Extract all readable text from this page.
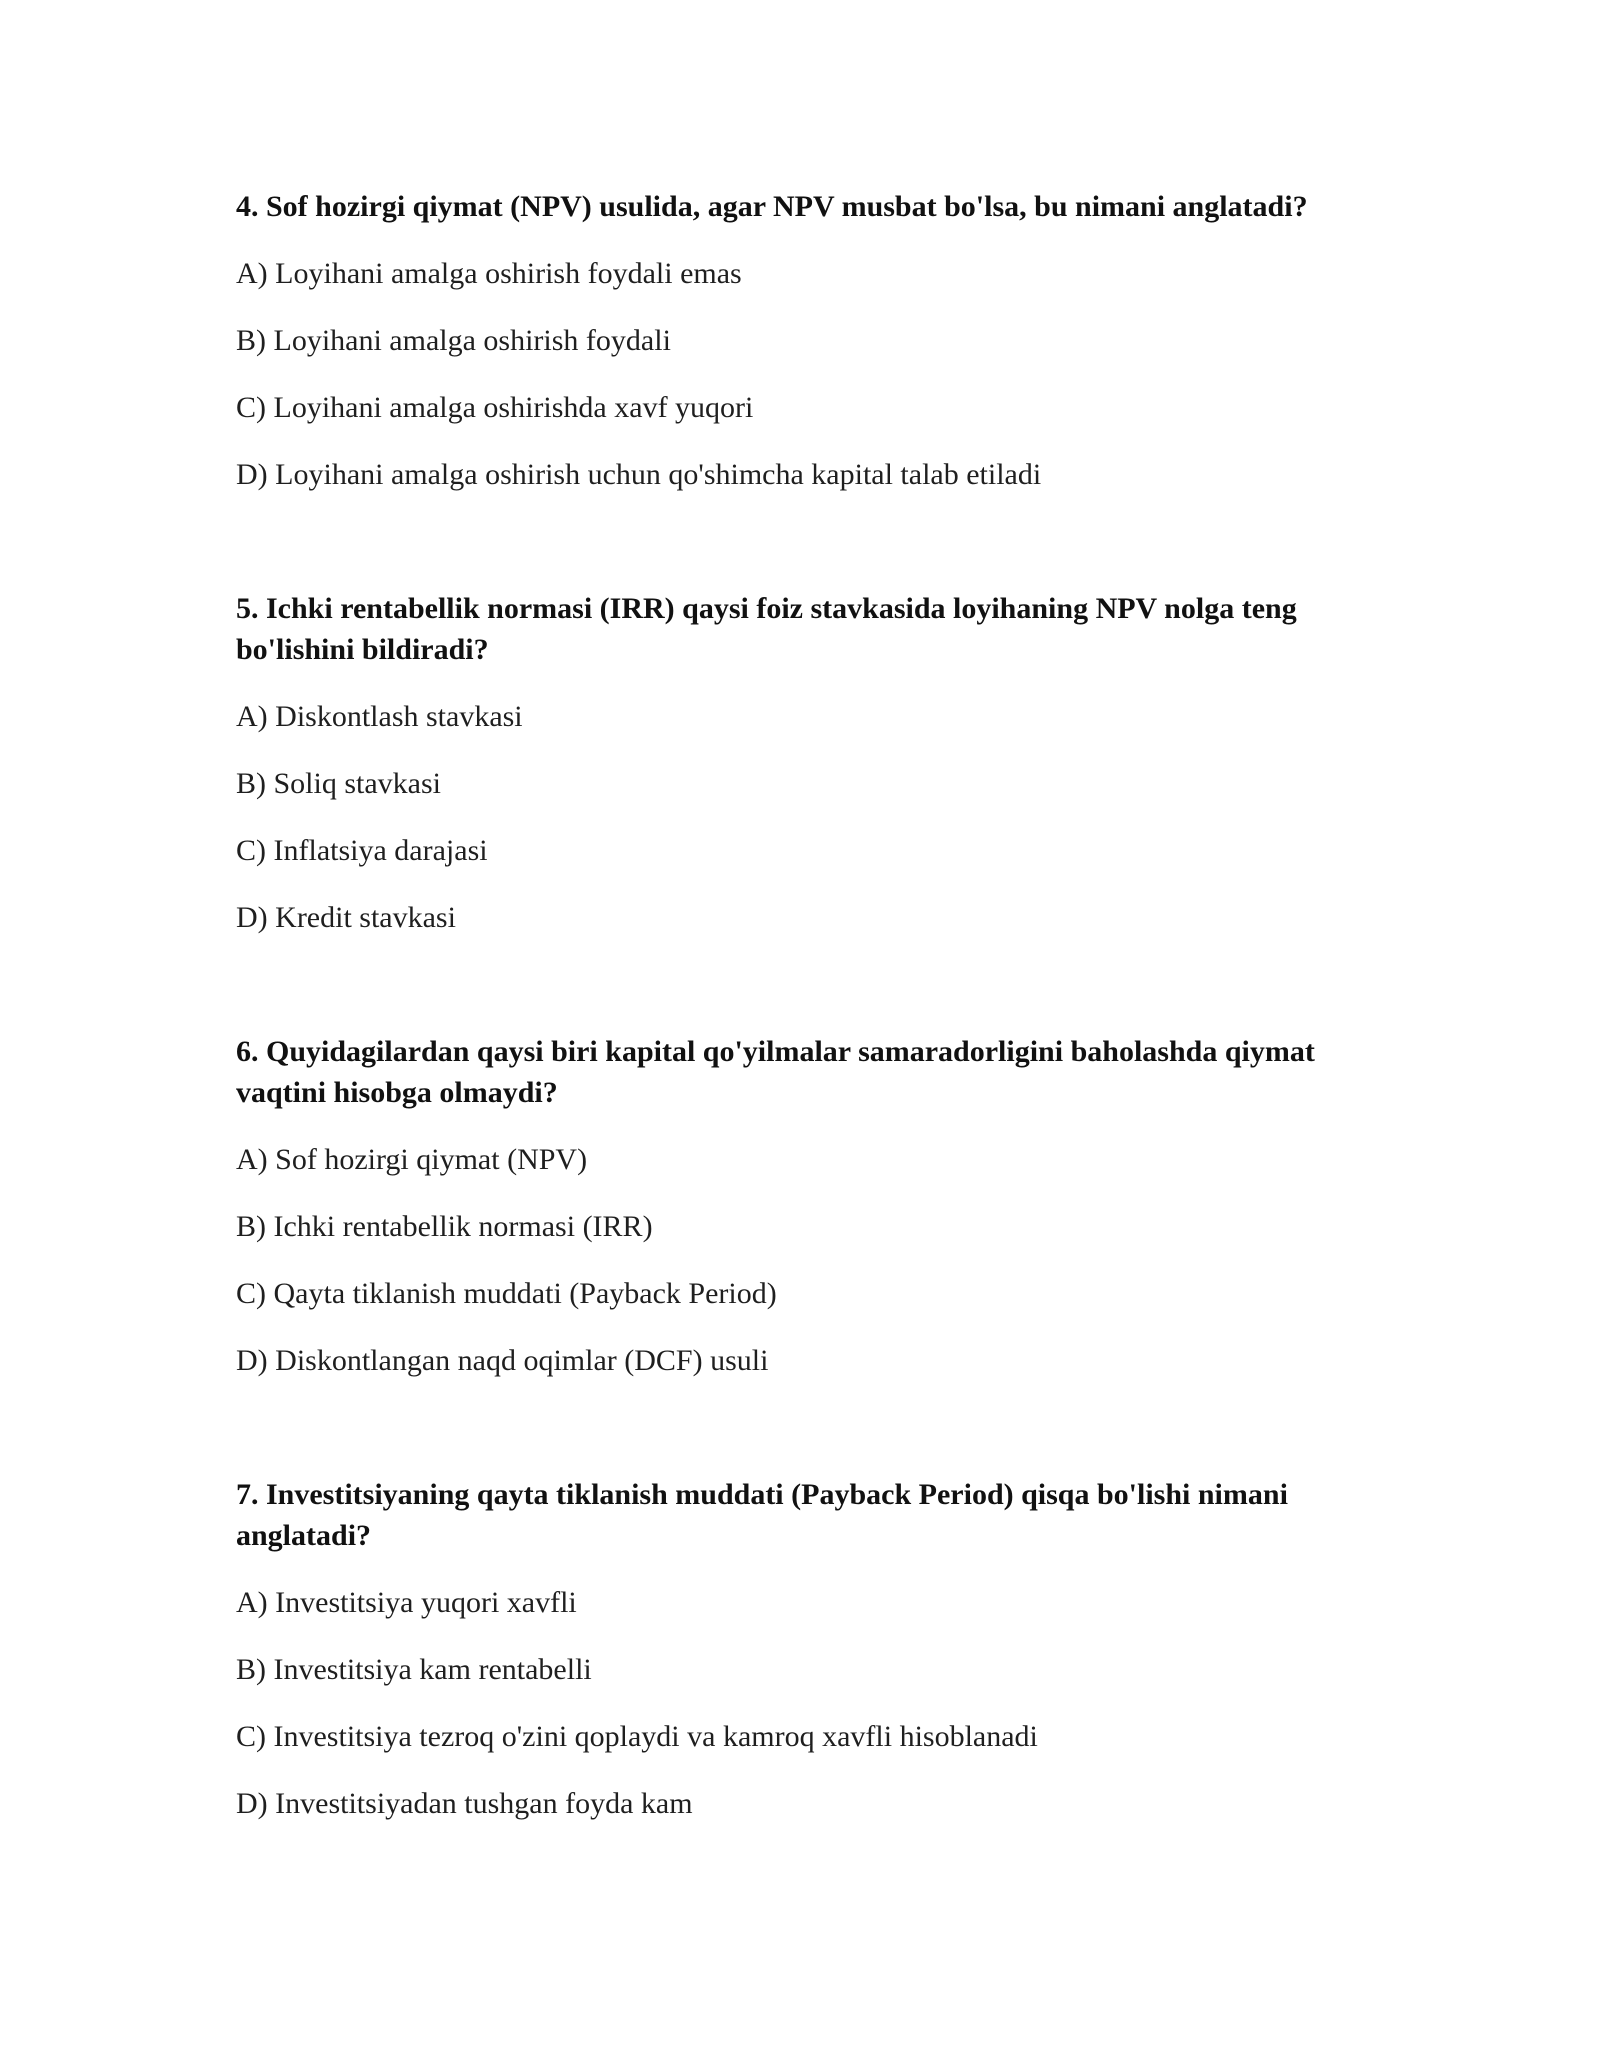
4. Sof hozirgi qiymat (NPV) usulida, agar NPV musbat bo'lsa, bu nimani anglatadi?

A) Loyihani amalga oshirish foydali emas

B) Loyihani amalga oshirish foydali

C) Loyihani amalga oshirishda xavf yuqori

D) Loyihani amalga oshirish uchun qo'shimcha kapital talab etiladi

5. Ichki rentabellik normasi (IRR) qaysi foiz stavkasida loyihaning NPV nolga teng bo'lishini bildiradi?

A) Diskontlash stavkasi

B) Soliq stavkasi

C) Inflatsiya darajasi

D) Kredit stavkasi

6. Quyidagilardan qaysi biri kapital qo'yilmalar samaradorligini baholashda qiymat vaqtini hisobga olmaydi?

A) Sof hozirgi qiymat (NPV)

B) Ichki rentabellik normasi (IRR)

C) Qayta tiklanish muddati (Payback Period)

D) Diskontlangan naqd oqimlar (DCF) usuli

7. Investitsiyaning qayta tiklanish muddati (Payback Period) qisqa bo'lishi nimani anglatadi?

A) Investitsiya yuqori xavfli

B) Investitsiya kam rentabelli

C) Investitsiya tezroq o'zini qoplaydi va kamroq xavfli hisoblanadi

D) Investitsiyadan tushgan foyda kam
